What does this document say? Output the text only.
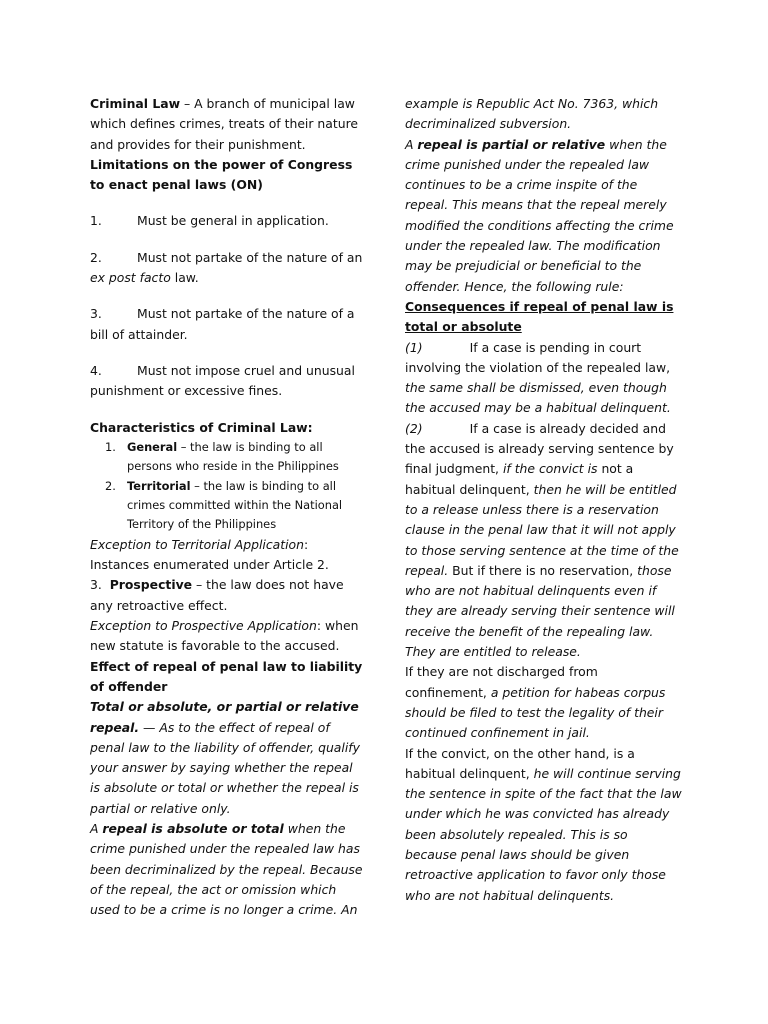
Criminal Law – A branch of municipal law which defines crimes, treats of their nature and provides for their punishment.

Limitations on the power of Congress to enact penal laws (ON)

1.	Must be general in application.

2.	Must not partake of the nature of an ex post facto law.

3.	Must not partake of the nature of a bill of attainder.

4.	Must not impose cruel and unusual punishment or excessive fines.

Characteristics of Criminal Law:

1. General – the law is binding to all persons who reside in the Philippines
2. Territorial – the law is binding to all crimes committed within the National Territory of the Philippines

Exception to Territorial Application: Instances enumerated under Article 2.

3. Prospective – the law does not have any retroactive effect.

Exception to Prospective Application: when new statute is favorable to the accused.

Effect of repeal of penal law to liability of offender

Total or absolute, or partial or relative repeal. — As to the effect of repeal of penal law to the liability of offender, qualify your answer by saying whether the repeal is absolute or total or whether the repeal is partial or relative only.

A repeal is absolute or total when the crime punished under the repealed law has been decriminalized by the repeal. Because of the repeal, the act or omission which used to be a crime is no longer a crime. An

example is Republic Act No. 7363, which decriminalized subversion.

A repeal is partial or relative when the crime punished under the repealed law continues to be a crime inspite of the repeal. This means that the repeal merely modified the conditions affecting the crime under the repealed law. The modification may be prejudicial or beneficial to the offender. Hence, the following rule:

Consequences if repeal of penal law is total or absolute

(1)	If a case is pending in court involving the violation of the repealed law, the same shall be dismissed, even though the accused may be a habitual delinquent.

(2)	If a case is already decided and the accused is already serving sentence by final judgment, if the convict is not a habitual delinquent, then he will be entitled to a release unless there is a reservation clause in the penal law that it will not apply to those serving sentence at the time of the repeal. But if there is no reservation, those who are not habitual delinquents even if they are already serving their sentence will receive the benefit of the repealing law. They are entitled to release.

If they are not discharged from confinement, a petition for habeas corpus should be filed to test the legality of their continued confinement in jail.

If the convict, on the other hand, is a habitual delinquent, he will continue serving the sentence in spite of the fact that the law under which he was convicted has already been absolutely repealed. This is so because penal laws should be given retroactive application to favor only those who are not habitual delinquents.
